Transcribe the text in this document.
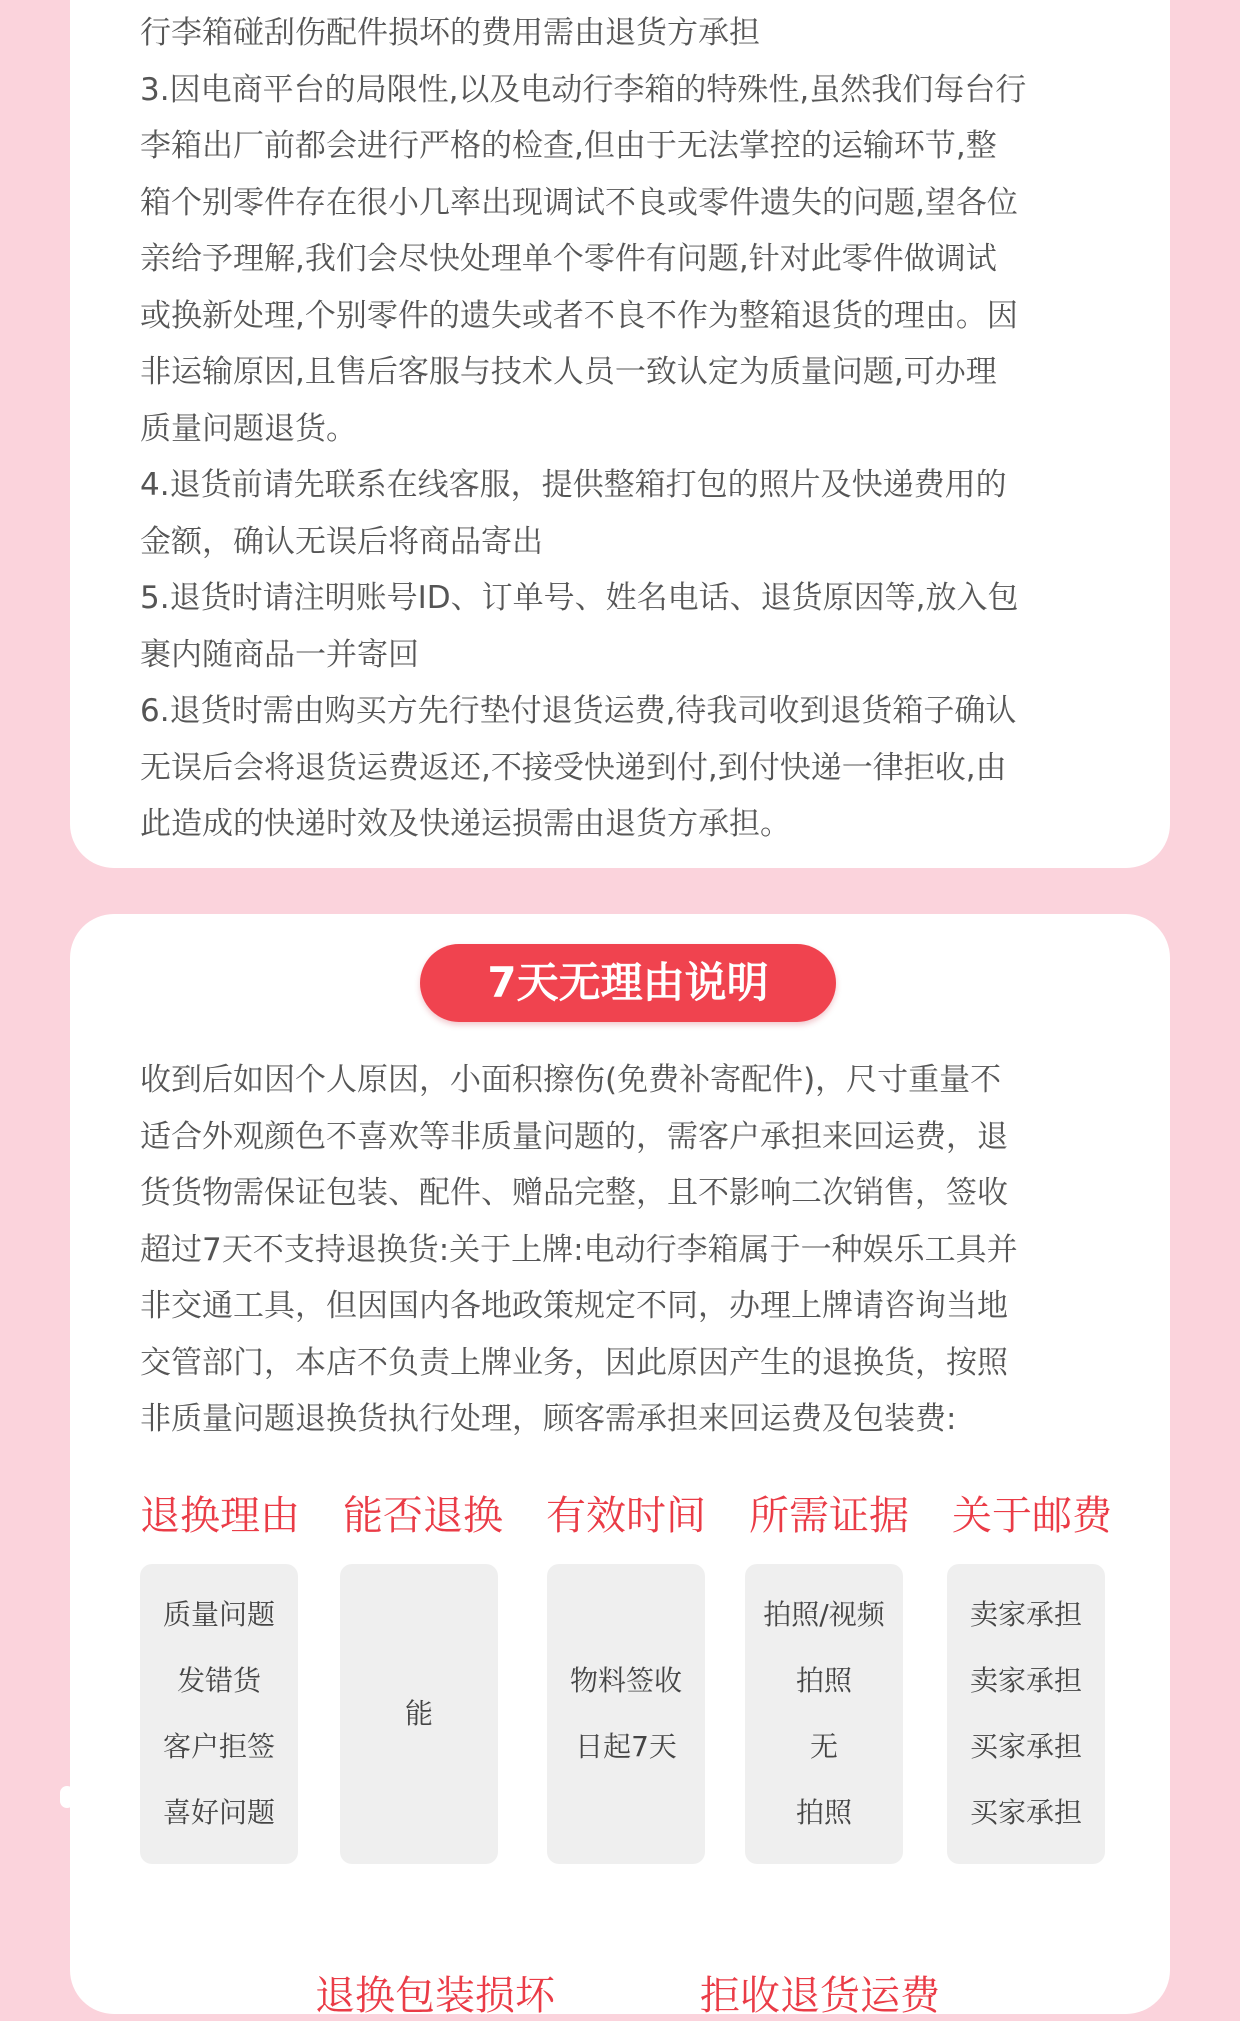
行李箱碰刮伤配件损坏的费用需由退货方承担

3.因电商平台的局限性,以及电动行李箱的特殊性,虽然我们每台行

李箱出厂前都会进行严格的检查,但由于无法掌控的运输环节,整

箱个别零件存在很小几率出现调试不良或零件遗失的问题,望各位

亲给予理解,我们会尽快处理单个零件有问题,针对此零件做调试

或换新处理,个别零件的遗失或者不良不作为整箱退货的理由。因

非运输原因,且售后客服与技术人员一致认定为质量问题,可办理

质量问题退货。

4.退货前请先联系在线客服，提供整箱打包的照片及快递费用的

金额，确认无误后将商品寄出

5.退货时请注明账号ID、订单号、姓名电话、退货原因等,放入包

裹内随商品一并寄回

6.退货时需由购买方先行垫付退货运费,待我司收到退货箱子确认

无误后会将退货运费返还,不接受快递到付,到付快递一律拒收,由

此造成的快递时效及快递运损需由退货方承担。

7天无理由说明

收到后如因个人原因，小面积擦伤(免费补寄配件)，尺寸重量不

适合外观颜色不喜欢等非质量问题的，需客户承担来回运费，退

货货物需保证包装、配件、赠品完整，且不影响二次销售，签收

超过7天不支持退换货:关于上牌:电动行李箱属于一种娱乐工具并

非交通工具，但因国内各地政策规定不同，办理上牌请咨询当地

交管部门，本店不负责上牌业务，因此原因产生的退换货，按照

非质量问题退换货执行处理，顾客需承担来回运费及包装费:

退换理由 能否退换 有效时间 所需证据 关于邮费
质量问题
发错货
客户拒签
喜好问题
能
物料签收
日起7天
拍照/视频
拍照
无
拍照
卖家承担
卖家承担
买家承担
买家承担
退换包装损坏	拒收退货运费
